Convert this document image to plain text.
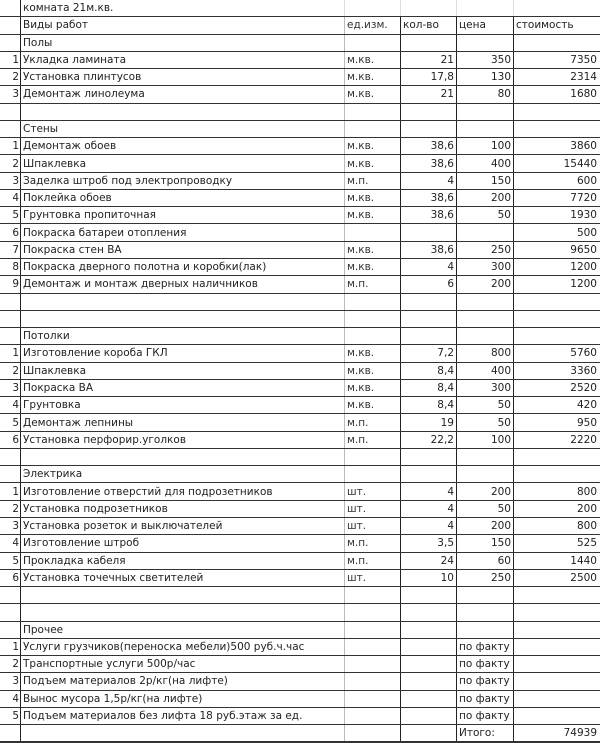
	комната 21м.кв.				
	Виды работ	ед.изм.	кол-во	цена	стоимость
	Полы				
1	Укладка ламината	м.кв.	21	350	7350
2	Установка плинтусов	м.кв.	17,8	130	2314
3	Демонтаж линолеума	м.кв.	21	80	1680

	Стены				
1	Демонтаж обоев	м.кв.	38,6	100	3860
2	Шпаклевка	м.кв.	38,6	400	15440
3	Заделка штроб под электропроводку	м.п.	4	150	600
4	Поклейка обоев	м.кв.	38,6	200	7720
5	Грунтовка пропиточная	м.кв.	38,6	50	1930
6	Покраска батареи отопления				500
7	Покраска стен ВА	м.кв.	38,6	250	9650
8	Покраска дверного полотна и коробки(лак)	м.кв.	4	300	1200
9	Демонтаж и монтаж дверных наличников	м.п.	6	200	1200

	Потолки				
1	Изготовление короба ГКЛ	м.кв.	7,2	800	5760
2	Шпаклевка	м.кв.	8,4	400	3360
3	Покраска ВА	м.кв.	8,4	300	2520
4	Грунтовка	м.кв.	8,4	50	420
5	Демонтаж лепнины	м.п.	19	50	950
6	Установка перфорир.уголков	м.п.	22,2	100	2220

	Электрика				
1	Изготовление отверстий для подрозетников	шт.	4	200	800
2	Установка подрозетников	шт.	4	50	200
3	Установка розеток и выключателей	шт.	4	200	800
4	Изготовление штроб	м.п.	3,5	150	525
5	Прокладка кабеля	м.п.	24	60	1440
6	Установка точечных светителей	шт.	10	250	2500

	Прочее				
1	Услуги грузчиков(переноска мебели)500 руб.ч.час			по факту	
2	Транспортные услуги 500р/час			по факту	
3	Подъем материалов 2р/кг(на лифте)			по факту	
4	Вынос мусора 1,5р/кг(на лифте)			по факту	
5	Подъем материалов без лифта 18 руб.этаж за ед.			по факту	
				Итого:	74939
